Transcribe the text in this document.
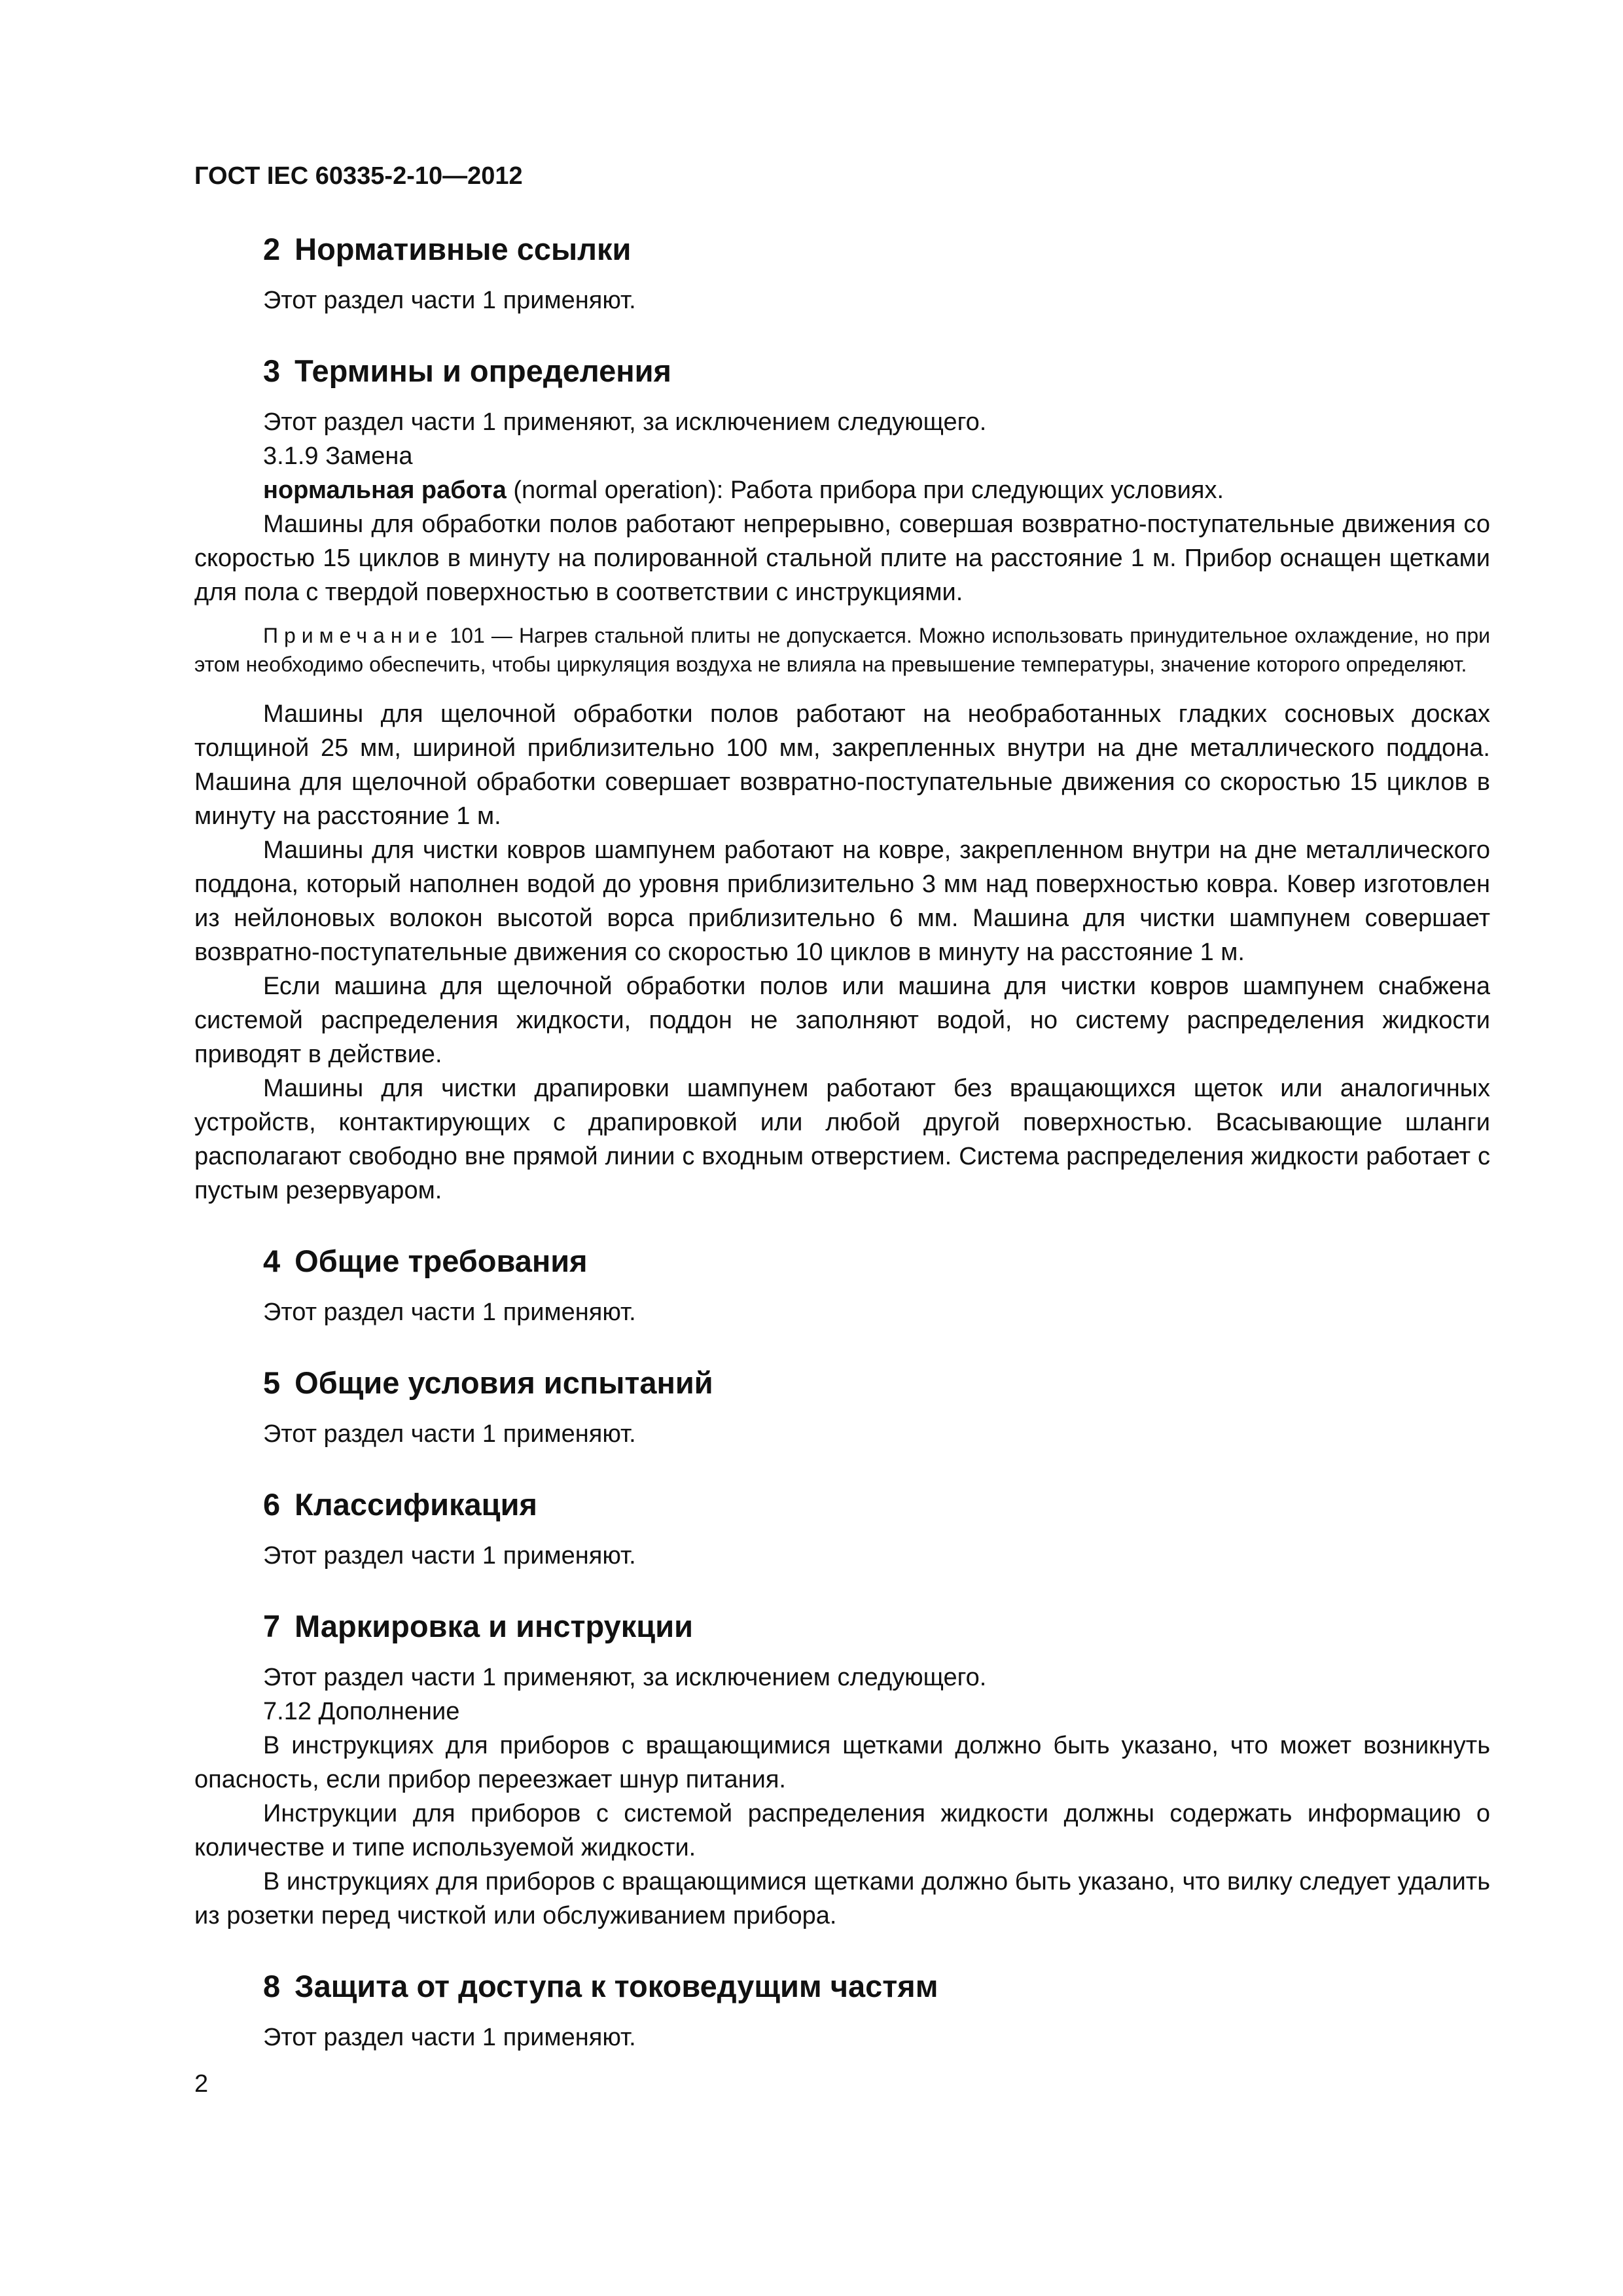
ГОСТ IEC 60335-2-10—2012
2 Нормативные ссылки

Этот раздел части 1 применяют.

3 Термины и определения

Этот раздел части 1 применяют, за исключением следующего.

3.1.9 Замена

нормальная работа (normal operation): Работа прибора при следующих условиях.

Машины для обработки полов работают непрерывно, совершая возвратно-поступательные движения со скоростью 15 циклов в минуту на полированной стальной плите на расстояние 1 м. Прибор оснащен щетками для пола с твердой поверхностью в соответствии с инструкциями.

Примечание 101 — Нагрев стальной плиты не допускается. Можно использовать принудительное охлаждение, но при этом необходимо обеспечить, чтобы циркуляция воздуха не влияла на превышение температуры, значение которого определяют.

Машины для щелочной обработки полов работают на необработанных гладких сосновых досках толщиной 25 мм, шириной приблизительно 100 мм, закрепленных внутри на дне металлического поддона. Машина для щелочной обработки совершает возвратно-поступательные движения со скоростью 15 циклов в минуту на расстояние 1 м.

Машины для чистки ковров шампунем работают на ковре, закрепленном внутри на дне металлического поддона, который наполнен водой до уровня приблизительно 3 мм над поверхностью ковра. Ковер изготовлен из нейлоновых волокон высотой ворса приблизительно 6 мм. Машина для чистки шампунем совершает возвратно-поступательные движения со скоростью 10 циклов в минуту на расстояние 1 м.

Если машина для щелочной обработки полов или машина для чистки ковров шампунем снабжена системой распределения жидкости, поддон не заполняют водой, но систему распределения жидкости приводят в действие.

Машины для чистки драпировки шампунем работают без вращающихся щеток или аналогичных устройств, контактирующих с драпировкой или любой другой поверхностью. Всасывающие шланги располагают свободно вне прямой линии с входным отверстием. Система распределения жидкости работает с пустым резервуаром.

4 Общие требования

Этот раздел части 1 применяют.

5 Общие условия испытаний

Этот раздел части 1 применяют.

6 Классификация

Этот раздел части 1 применяют.

7 Маркировка и инструкции

Этот раздел части 1 применяют, за исключением следующего.

7.12 Дополнение

В инструкциях для приборов с вращающимися щетками должно быть указано, что может возникнуть опасность, если прибор переезжает шнур питания.

Инструкции для приборов с системой распределения жидкости должны содержать информацию о количестве и типе используемой жидкости.

В инструкциях для приборов с вращающимися щетками должно быть указано, что вилку следует удалить из розетки перед чисткой или обслуживанием прибора.

8 Защита от доступа к токоведущим частям

Этот раздел части 1 применяют.

2
